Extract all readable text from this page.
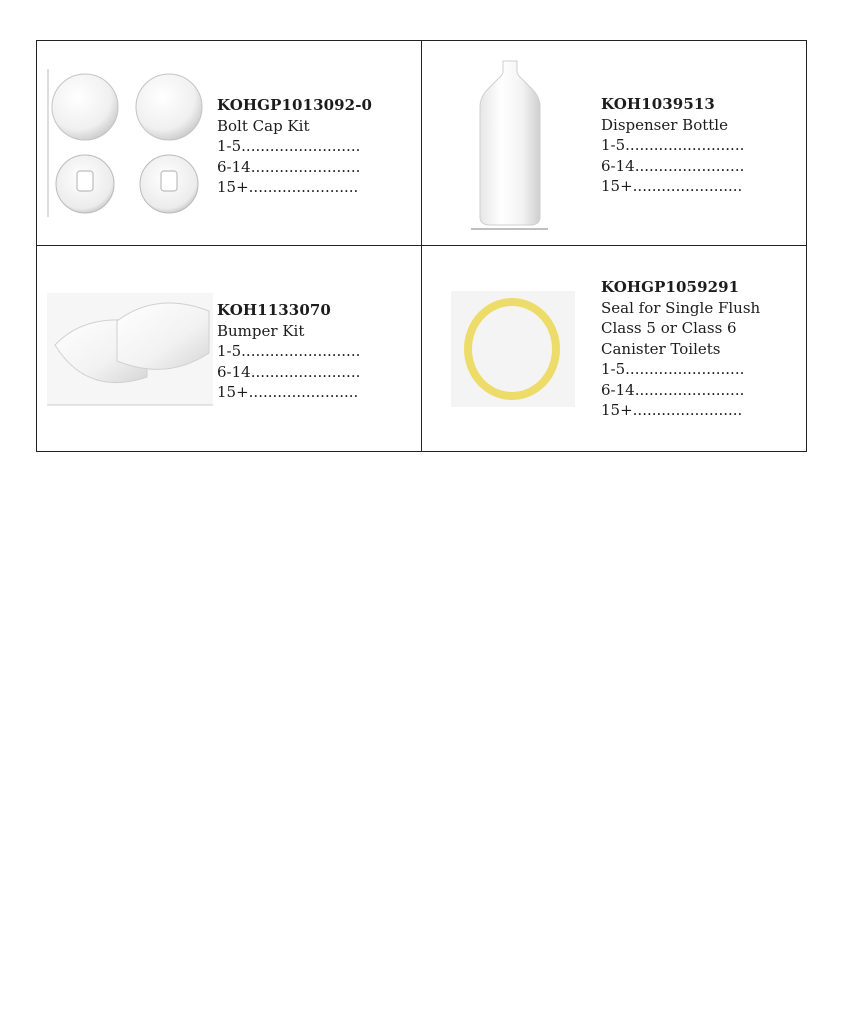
KOHGP1013092-0
Bolt Cap Kit
1-5.........................
6-14.......................
15+.......................
KOH1039513
Dispenser Bottle
1-5.........................
6-14.......................
15+.......................
KOH1133070
Bumper Kit
1-5.........................
6-14.......................
15+.......................
KOHGP1059291
Seal for Single Flush
Class 5 or Class 6
Canister Toilets
1-5.........................
6-14.......................
15+.......................
